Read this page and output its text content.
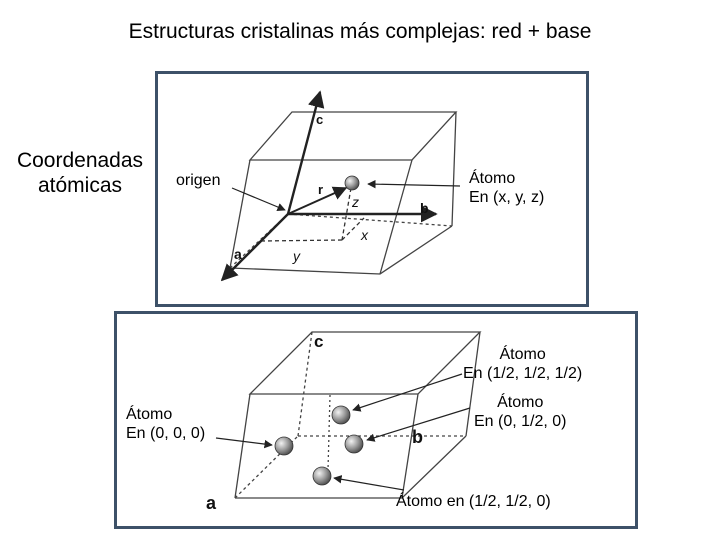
Estructuras cristalinas más complejas: red + base
Coordenadas
atómicas
c
b
a
r
x
y
z
origen	Átomo
En (x, y, z)
c
b
a
Átomo
En (1/2, 1/2, 1/2)
Átomo
En (0, 1/2, 0)
Átomo
En (0, 0, 0)
Átomo en (1/2, 1/2, 0)
